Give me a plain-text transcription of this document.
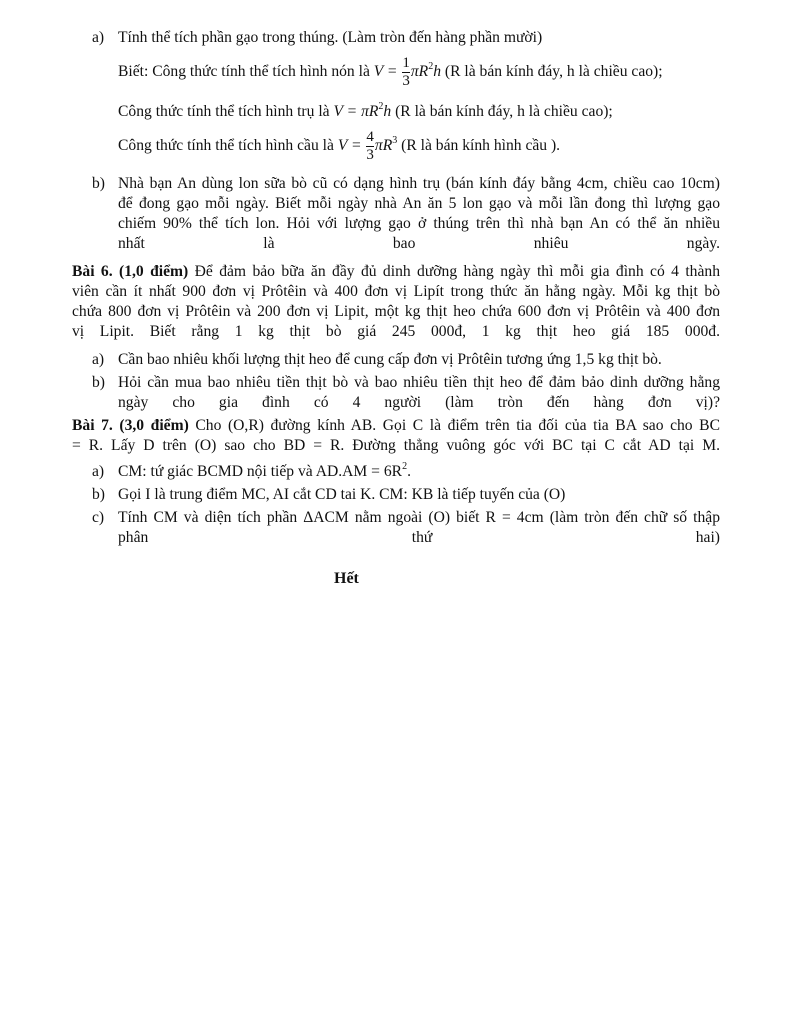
a) Tính thể tích phần gạo trong thúng. (Làm tròn đến hàng phần mười)
Biết: Công thức tính thể tích hình nón là $V = \frac{1}{3} \pi R^2h$ (R là bán kính đáy, h là chiều cao);
Công thức tính thể tích hình trụ là $V = \pi R^2h$ (R là bán kính đáy, h là chiều cao);
Công thức tính thể tích hình cầu là $V = \frac{4}{3} \pi R^3$ (R là bán kính hình cầu ).
b) Nhà bạn An dùng lon sữa bò cũ có dạng hình trụ (bán kính đáy bằng 4cm, chiều cao 10cm)
để đong gạo mỗi ngày. Biết mỗi ngày nhà An ăn 5 lon gạo và mỗi lần đong thì lượng gạo
chiếm 90% thể tích lon. Hỏi với lượng gạo ở thúng trên thì nhà bạn An có thể ăn nhiều
nhất là bao nhiêu ngày.
Bài 6. (1,0 điểm) Để đảm bảo bữa ăn đầy đủ dinh dưỡng hàng ngày thì mỗi gia đình có 4 thành
viên cần ít nhất 900 đơn vị Prôtêin và 400 đơn vị Lipít trong thức ăn hằng ngày. Mỗi kg thịt bò
chứa 800 đơn vị Prôtêin và 200 đơn vị Lipit, một kg thịt heo chứa 600 đơn vị Prôtêin và 400 đơn
vị Lipit. Biết rằng 1 kg thịt bò giá 245 000đ, 1 kg thịt heo giá 185 000đ.
a) Cần bao nhiêu khối lượng thịt heo để cung cấp đơn vị Prôtêin tương ứng 1,5 kg thịt bò.
b) Hỏi cần mua bao nhiêu tiền thịt bò và bao nhiêu tiền thịt heo để đảm bảo dinh dưỡng hằng
ngày cho gia đình có 4 người (làm tròn đến hàng đơn vị)?
Bài 7. (3,0 điểm) Cho (O,R) đường kính AB. Gọi C là điểm trên tia đối của tia BA sao cho BC
= R. Lấy D trên (O) sao cho BD = R. Đường thẳng vuông góc với BC tại C cắt AD tại M.
a) CM: tứ giác BCMD nội tiếp và $AD.AM = 6R^2$.
b) Gọi I là trung điểm MC, AI cắt CD tai K. CM: KB là tiếp tuyến của (O)
c) Tính CM và diện tích phần ΔACM nằm ngoài (O) biết R = 4cm (làm tròn đến chữ số thập
phân thứ hai)
Hết
